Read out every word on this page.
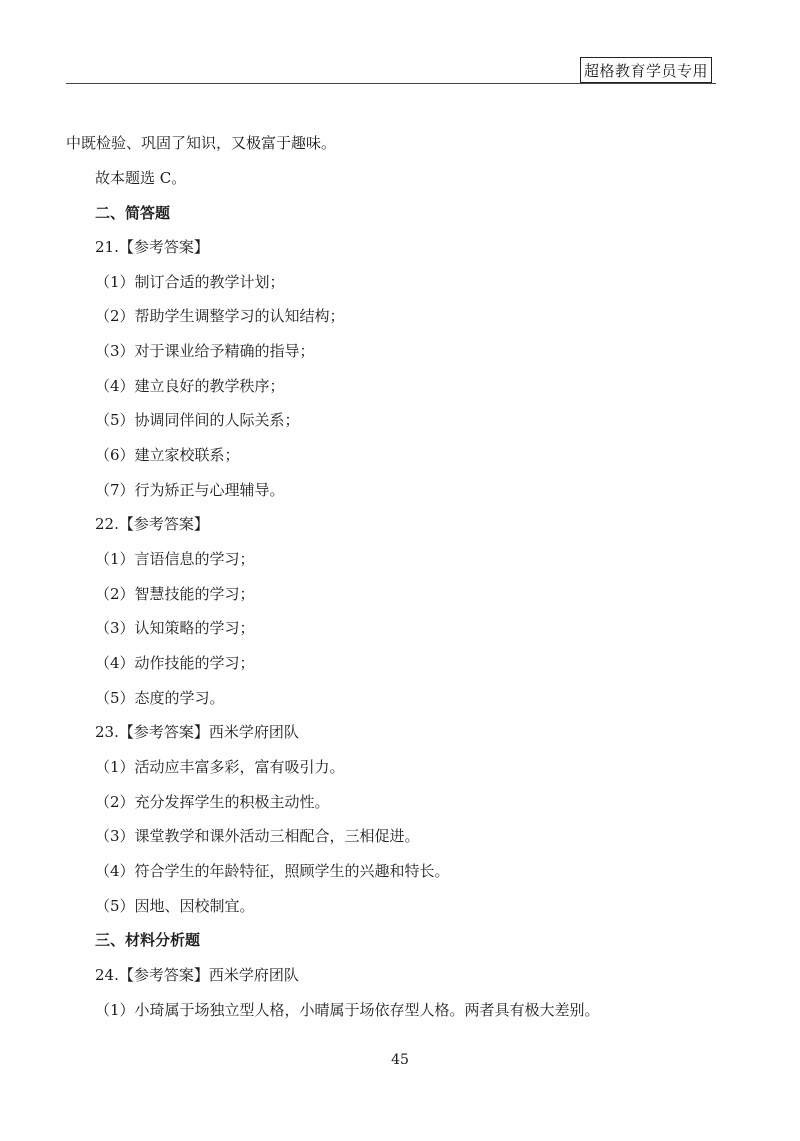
超格教育学员专用
中既检验、巩固了知识，又极富于趣味。
故本题选 C。
二、简答题
21.【参考答案】
（1）制订合适的教学计划；
（2）帮助学生调整学习的认知结构；
（3）对于课业给予精确的指导；
（4）建立良好的教学秩序；
（5）协调同伴间的人际关系；
（6）建立家校联系；
（7）行为矫正与心理辅导。
22.【参考答案】
（1）言语信息的学习；
（2）智慧技能的学习；
（3）认知策略的学习；
（4）动作技能的学习；
（5）态度的学习。
23.【参考答案】西米学府团队
（1）活动应丰富多彩，富有吸引力。
（2）充分发挥学生的积极主动性。
（3）课堂教学和课外活动三相配合，三相促进。
（4）符合学生的年龄特征，照顾学生的兴趣和特长。
（5）因地、因校制宜。
三、材料分析题
24.【参考答案】西米学府团队
（1）小琦属于场独立型人格，小晴属于场依存型人格。两者具有极大差别。
45
